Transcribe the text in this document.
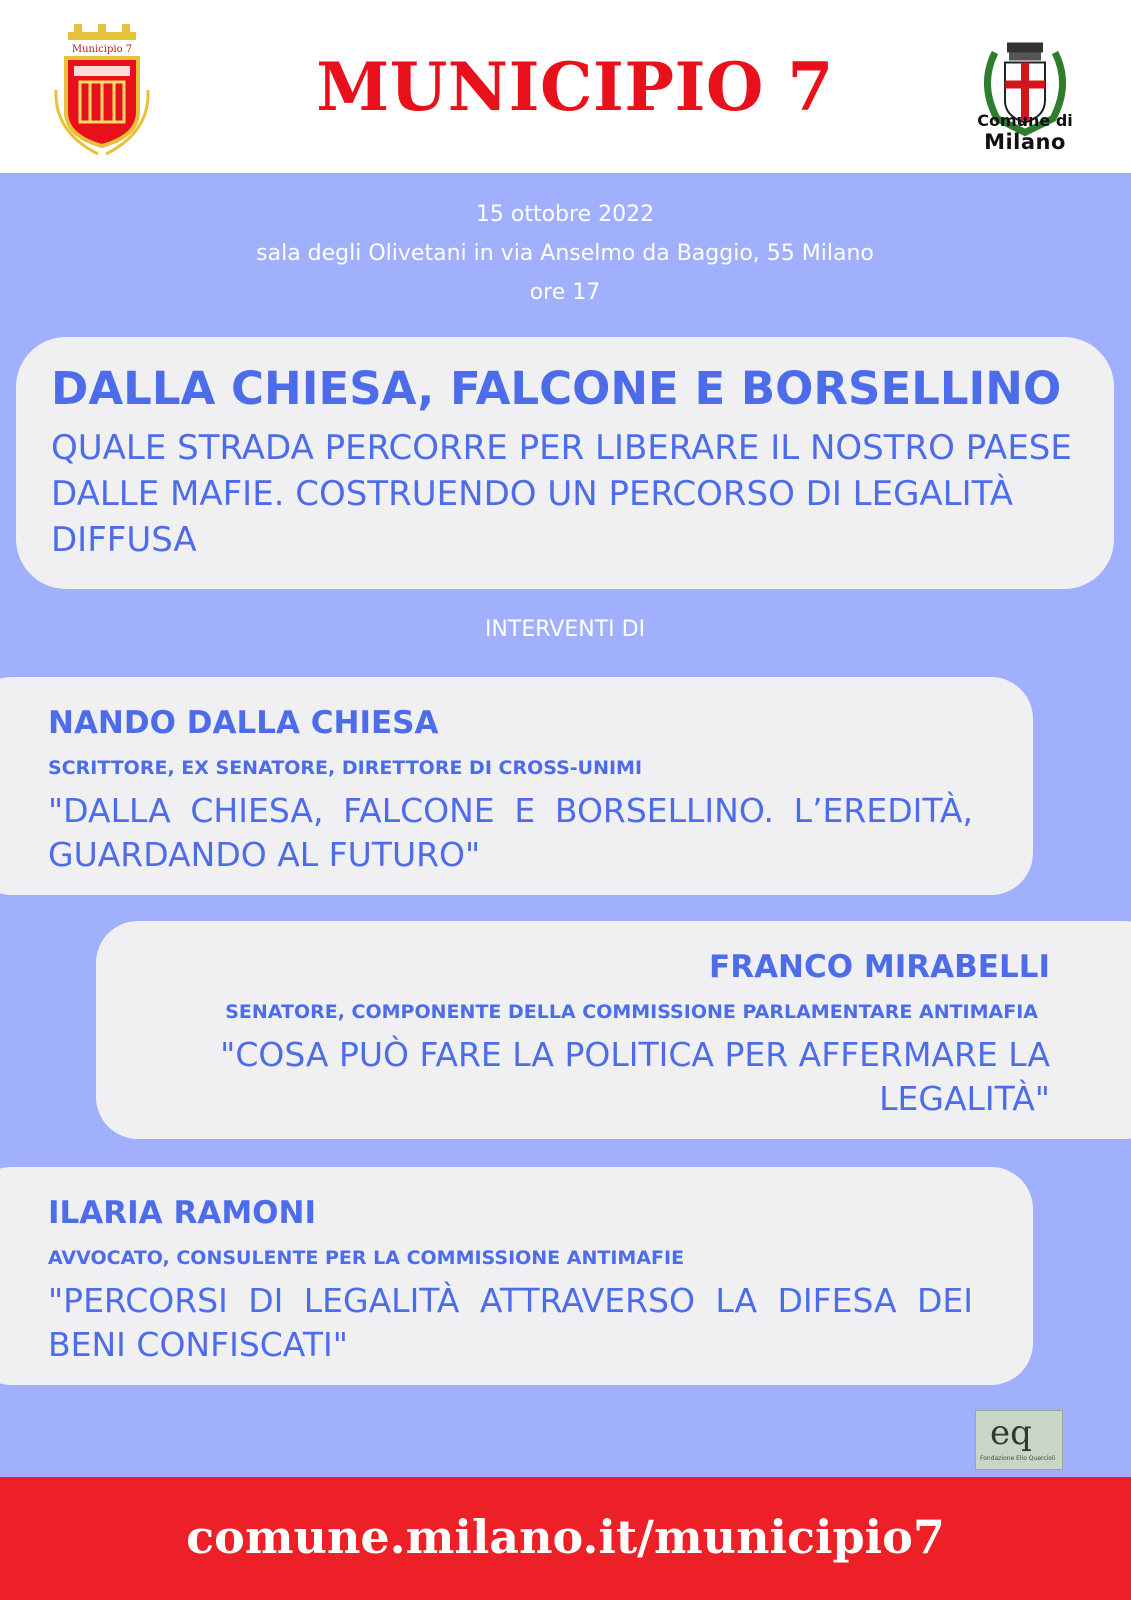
Municipio 7	MUNICIPIO 7	Comune di
Milano
15 ottobre 2022
sala degli Olivetani in via Anselmo da Baggio, 55 Milano
ore 17
DALLA CHIESA, FALCONE E BORSELLINO
QUALE STRADA PERCORRE PER LIBERARE IL NOSTRO PAESE DALLE MAFIE. COSTRUENDO UN PERCORSO DI LEGALITÀ DIFFUSA
INTERVENTI DI
NANDO DALLA CHIESA
SCRITTORE, EX SENATORE, DIRETTORE DI CROSS-UNIMI
"DALLA CHIESA, FALCONE E BORSELLINO. L’EREDITÀ, GUARDANDO AL FUTURO"
FRANCO MIRABELLI
SENATORE, COMPONENTE DELLA COMMISSIONE PARLAMENTARE ANTIMAFIA
"COSA PUÒ FARE LA POLITICA PER AFFERMARE LA LEGALITÀ"
ILARIA RAMONI
AVVOCATO, CONSULENTE PER LA COMMISSIONE ANTIMAFIE
"PERCORSI DI LEGALITÀ ATTRAVERSO LA DIFESA DEI BENI CONFISCATI"
eq
Fondazione Elio Quercioli
comune.milano.it/municipio7
